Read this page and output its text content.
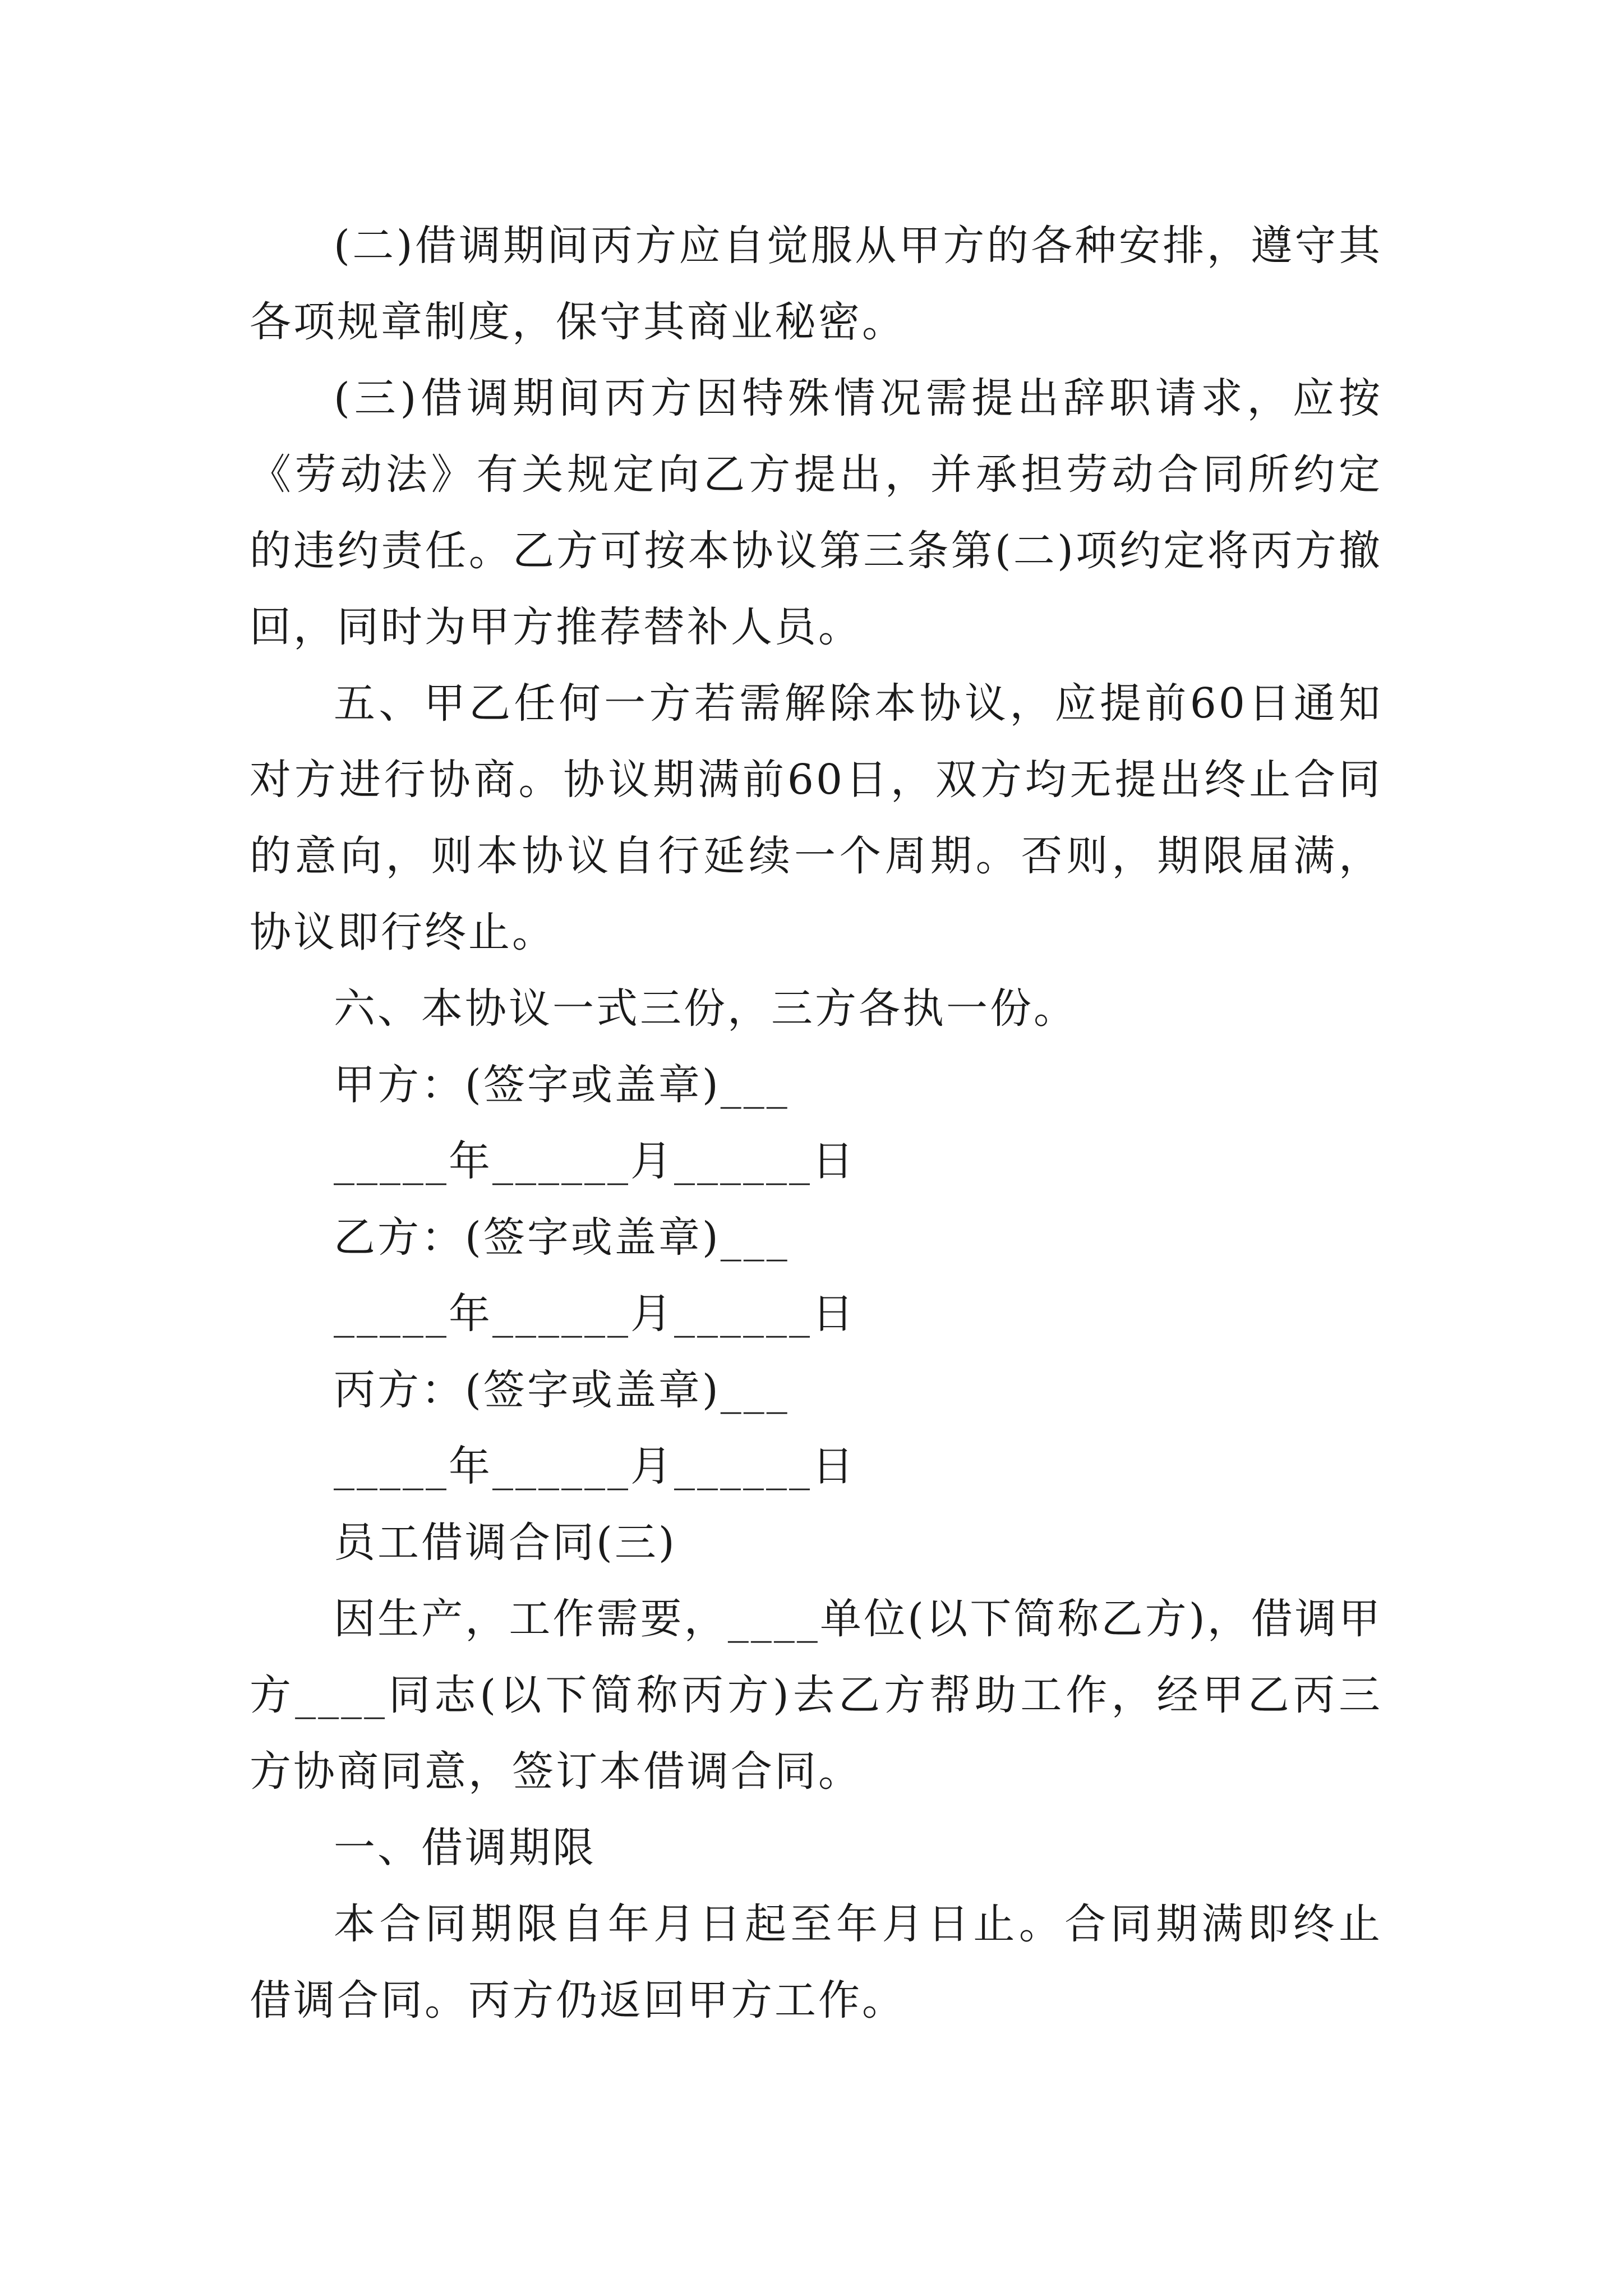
(二)借调期间丙方应自觉服从甲方的各种安排，遵守其各项规章制度，保守其商业秘密。

(三)借调期间丙方因特殊情况需提出辞职请求，应按《劳动法》有关规定向乙方提出，并承担劳动合同所约定的违约责任。乙方可按本协议第三条第(二)项约定将丙方撤回，同时为甲方推荐替补人员。

五、甲乙任何一方若需解除本协议，应提前60日通知对方进行协商。协议期满前60日，双方均无提出终止合同的意向，则本协议自行延续一个周期。否则，期限届满，协议即行终止。

六、本协议一式三份，三方各执一份。

甲方：(签字或盖章)___

_____年______月______日

乙方：(签字或盖章)___

_____年______月______日

丙方：(签字或盖章)___

_____年______月______日

员工借调合同(三)

因生产，工作需要，____单位(以下简称乙方)，借调甲方____同志(以下简称丙方)去乙方帮助工作，经甲乙丙三方协商同意，签订本借调合同。

一、借调期限

本合同期限自年月日起至年月日止。合同期满即终止借调合同。丙方仍返回甲方工作。
